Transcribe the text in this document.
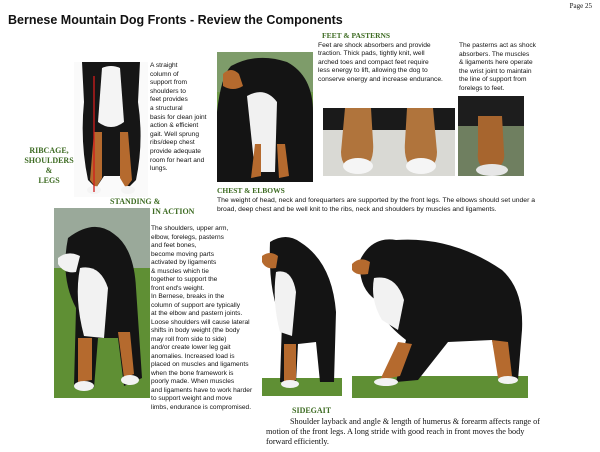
Page 25
Bernese Mountain Dog Fronts - Review the Components
A straight
column of
support from
shoulders to
feet provides
a structural
basis for clean joint
action & efficient
gait. Well sprung
ribs/deep chest
provide adequate
room for heart and
lungs.
RIBCAGE,
SHOULDERS
&
LEGS
FEET & PASTERNS
Feet are shock absorbers and provide
traction. Thick pads, tightly knit, well
arched toes and compact feet require
less energy to lift, allowing the dog to
conserve energy and increase endurance.
The pasterns act as shock
absorbers. The muscles
& ligaments here operate
the wrist joint to maintain
the line of support from
forelegs to feet.
CHEST & ELBOWS
The weight of head, neck and forequarters are supported by the front legs. The elbows should set under a
broad, deep chest and be well knit to the ribs, neck and shoulders by muscles and ligaments.
STANDING &
IN ACTION
The shoulders, upper arm,
elbow, forelegs, pasterns
and feet bones,
become moving parts
activated by ligaments
& muscles which tie
together to support the
front end's weight.
In Bernese, breaks in the
column of support are typically
at the elbow and pastern joints.
Loose shoulders will cause lateral
shifts in body weight (the body
may roll from side to side)
and/or create lower leg gait
anomalies. Increased load is
placed on muscles and ligaments
when the bone framework is
poorly made. When muscles
and ligaments have to work harder
to support weight and move
limbs, endurance is compromised.	SIDEGAIT
Shoulder layback and angle & length of humerus & forearm affects range of
motion of the front legs. A long stride with good reach in front moves the body
forward efficiently.
